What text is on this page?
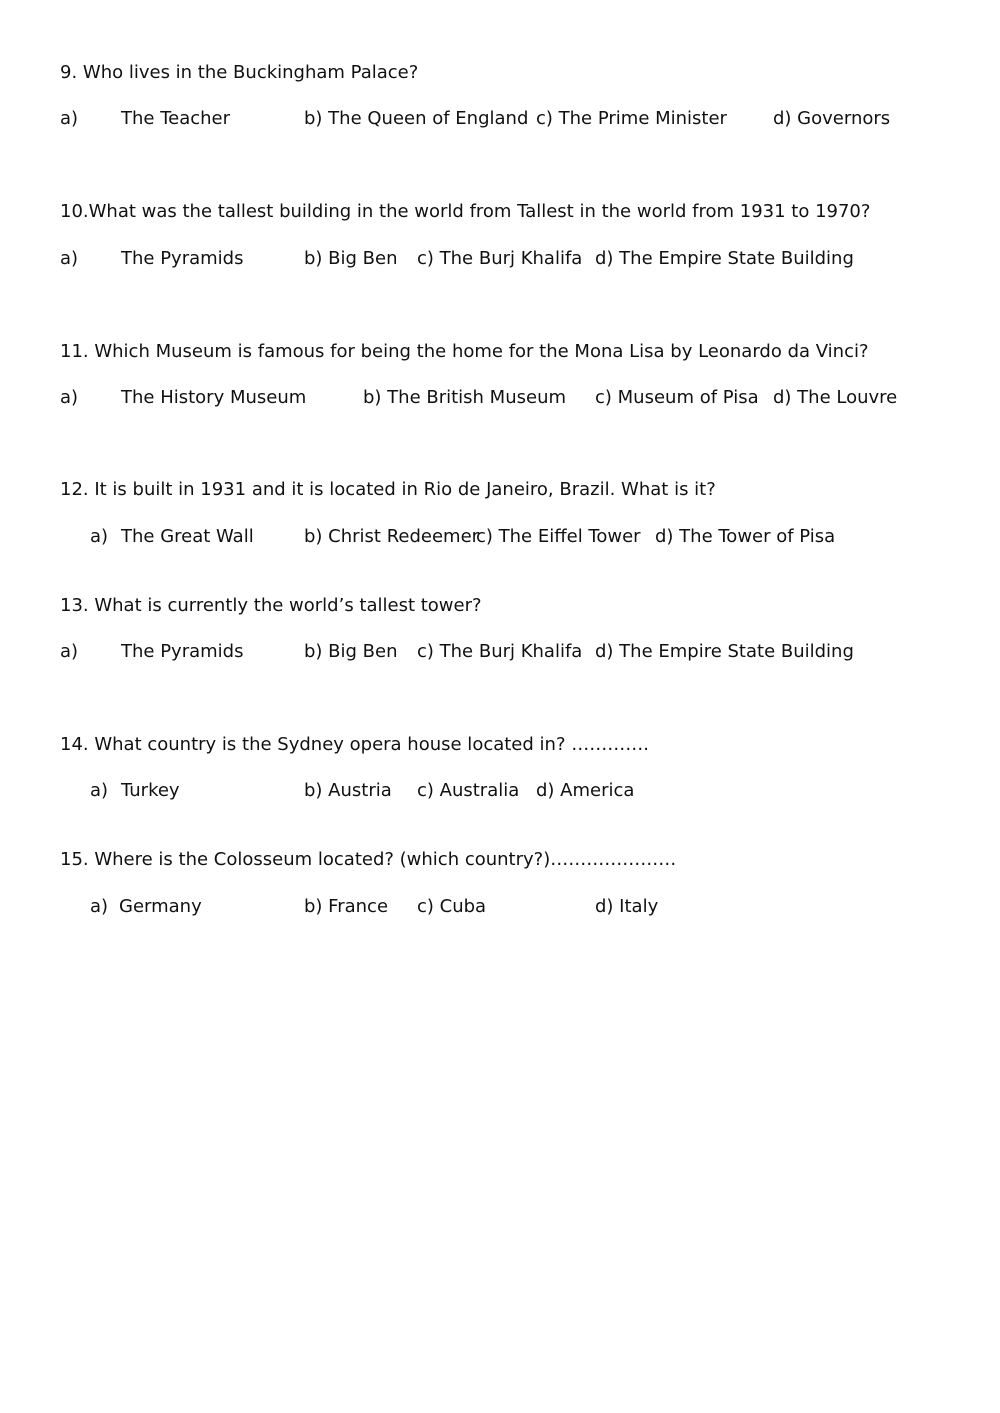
9. Who lives in the Buckingham Palace?
a) The Teacher	b) The Queen of England c) The Prime Minister	d) Governors
10.What was the tallest building in the world from Tallest in the world from 1931 to 1970?
a) The Pyramids	b) Big Ben c) The Burj Khalifa d) The Empire State Building
11. Which Museum is famous for being the home for the Mona Lisa by Leonardo da Vinci?
a) The History Museum	b) The British Museum c) Museum of Pisa d) The Louvre
12. It is built in 1931 and it is located in Rio de Janeiro, Brazil. What is it?
a) The Great Wall	b) Christ Redeemer
c) The Eiffel Tower d) The Tower of Pisa
13. What is currently the world’s tallest tower?
a) The Pyramids	b) Big Ben c) The Burj Khalifa d) The Empire State Building
14. What country is the Sydney opera house located in? ………….
a) Turkey	b) Austria c) Australia d) America
15. Where is the Colosseum located? (which country?)…………………
a) Germany	b) France c) Cuba	d) Italy
